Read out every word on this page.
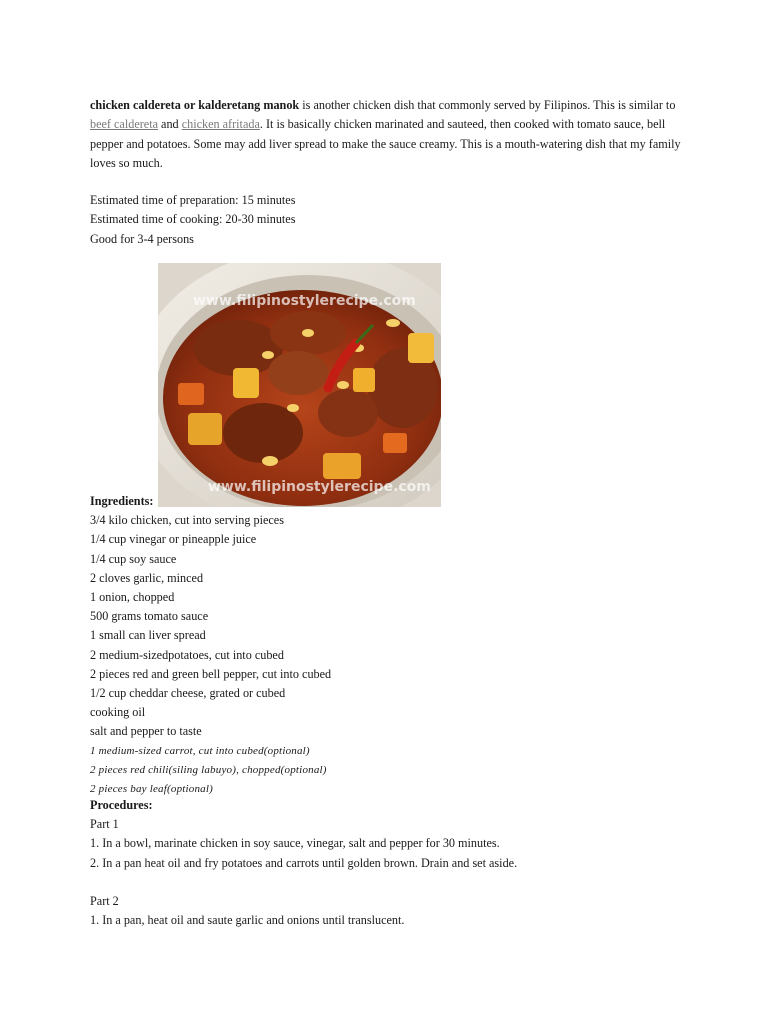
chicken caldereta or kalderetang manok is another chicken dish that commonly served by Filipinos. This is similar to beef caldereta and chicken afritada. It is basically chicken marinated and sauteed, then cooked with tomato sauce, bell pepper and potatoes. Some may add liver spread to make the sauce creamy. This is a mouth-watering dish that my family loves so much.
Estimated time of preparation: 15 minutes
Estimated time of cooking: 20-30 minutes
Good for 3-4 persons
www.filipinostylerecipe.com
www.filipinostylerecipe.com
Ingredients:
3/4 kilo chicken, cut into serving pieces
1/4 cup vinegar or pineapple juice
1/4 cup soy sauce
2 cloves garlic, minced
1 onion, chopped
500 grams tomato sauce
1 small can liver spread
2 medium-sizedpotatoes, cut into cubed
2 pieces red and green bell pepper, cut into cubed
1/2 cup cheddar cheese, grated or cubed
cooking oil
salt and pepper to taste
1 medium-sized carrot, cut into cubed(optional)
2 pieces red chili(siling labuyo), chopped(optional)
2 pieces bay leaf(optional)
Procedures:
Part 1
1. In a bowl, marinate chicken in soy sauce, vinegar, salt and pepper for 30 minutes.
2. In a pan heat oil and fry potatoes and carrots until golden brown. Drain and set aside.
Part 2
1. In a pan, heat oil and saute garlic and onions until translucent.
